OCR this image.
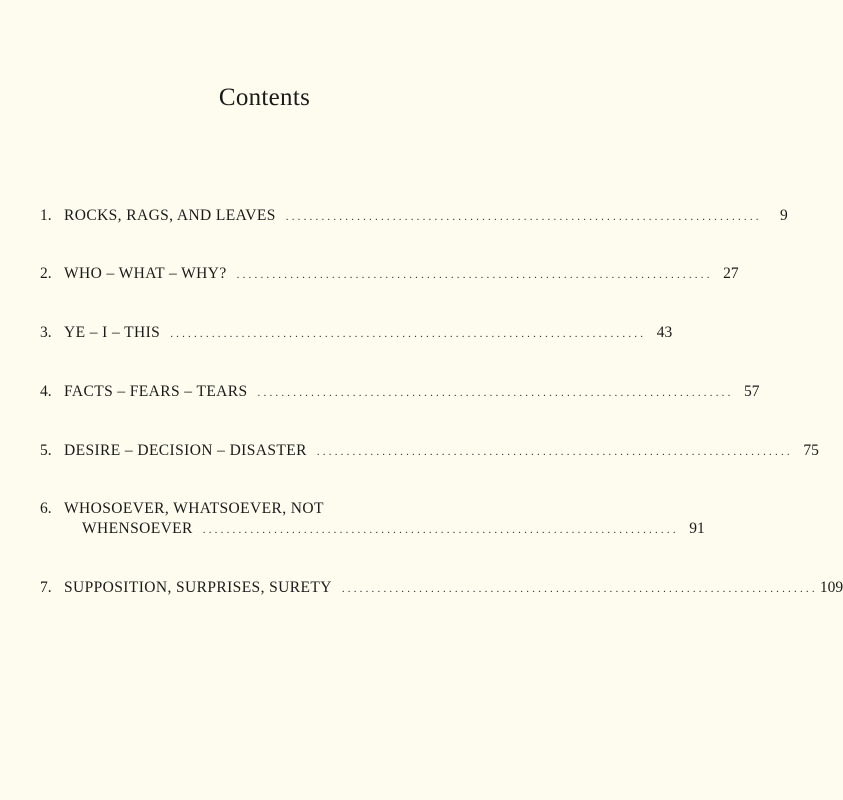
Contents
1. ROCKS, RAGS, AND LEAVES ................................................................................	9
2. WHO – WHAT – WHY? ................................................................................ 27
3. YE – I – THIS ................................................................................ 43
4. FACTS – FEARS – TEARS ................................................................................ 57
5. DESIRE – DECISION – DISASTER ................................................................................ 75
6. WHOSOEVER, WHATSOEVER, NOT
WHENSOEVER ................................................................................ 91
7. SUPPOSITION, SURPRISES, SURETY ................................................................................ 109
